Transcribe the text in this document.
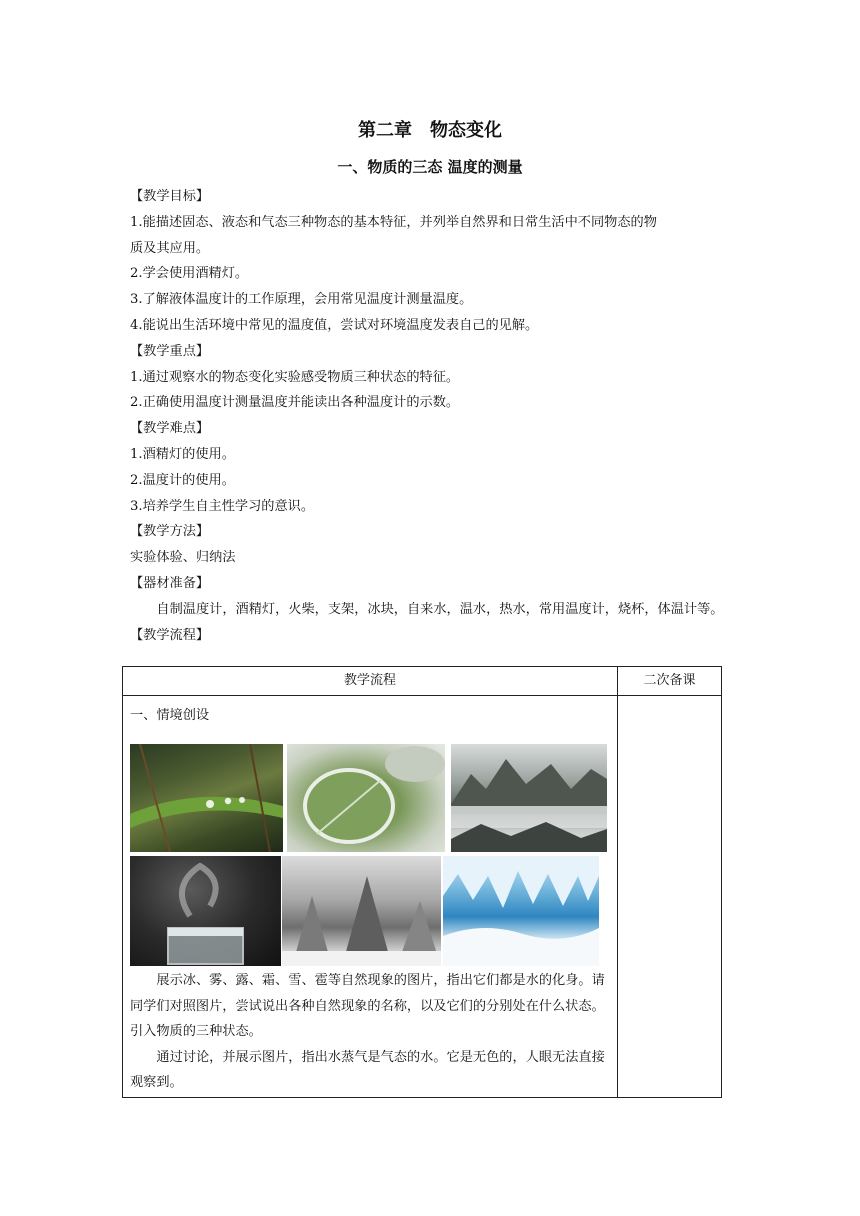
第二章　物态变化
一、物质的三态 温度的测量

【教学目标】

1.能描述固态、液态和气态三种物态的基本特征，并列举自然界和日常生活中不同物态的物

质及其应用。

2.学会使用酒精灯。

3.了解液体温度计的工作原理，会用常见温度计测量温度。

4.能说出生活环境中常见的温度值，尝试对环境温度发表自己的见解。

【教学重点】

1.通过观察水的物态变化实验感受物质三种状态的特征。

2.正确使用温度计测量温度并能读出各种温度计的示数。

【教学难点】

1.酒精灯的使用。

2.温度计的使用。

3.培养学生自主性学习的意识。

【教学方法】

实验体验、归纳法

【器材准备】

自制温度计，酒精灯，火柴，支架，冰块，自来水，温水，热水，常用温度计，烧杯，体温计等。

【教学流程】

教学流程	二次备课

一、情境创设

展示冰、雾、露、霜、雪、雹等自然现象的图片，指出它们都是水的化身。请同学们对照图片，尝试说出各种自然现象的名称，以及它们的分别处在什么状态。引入物质的三种状态。

通过讨论，并展示图片，指出水蒸气是气态的水。它是无色的，人眼无法直接观察到。
